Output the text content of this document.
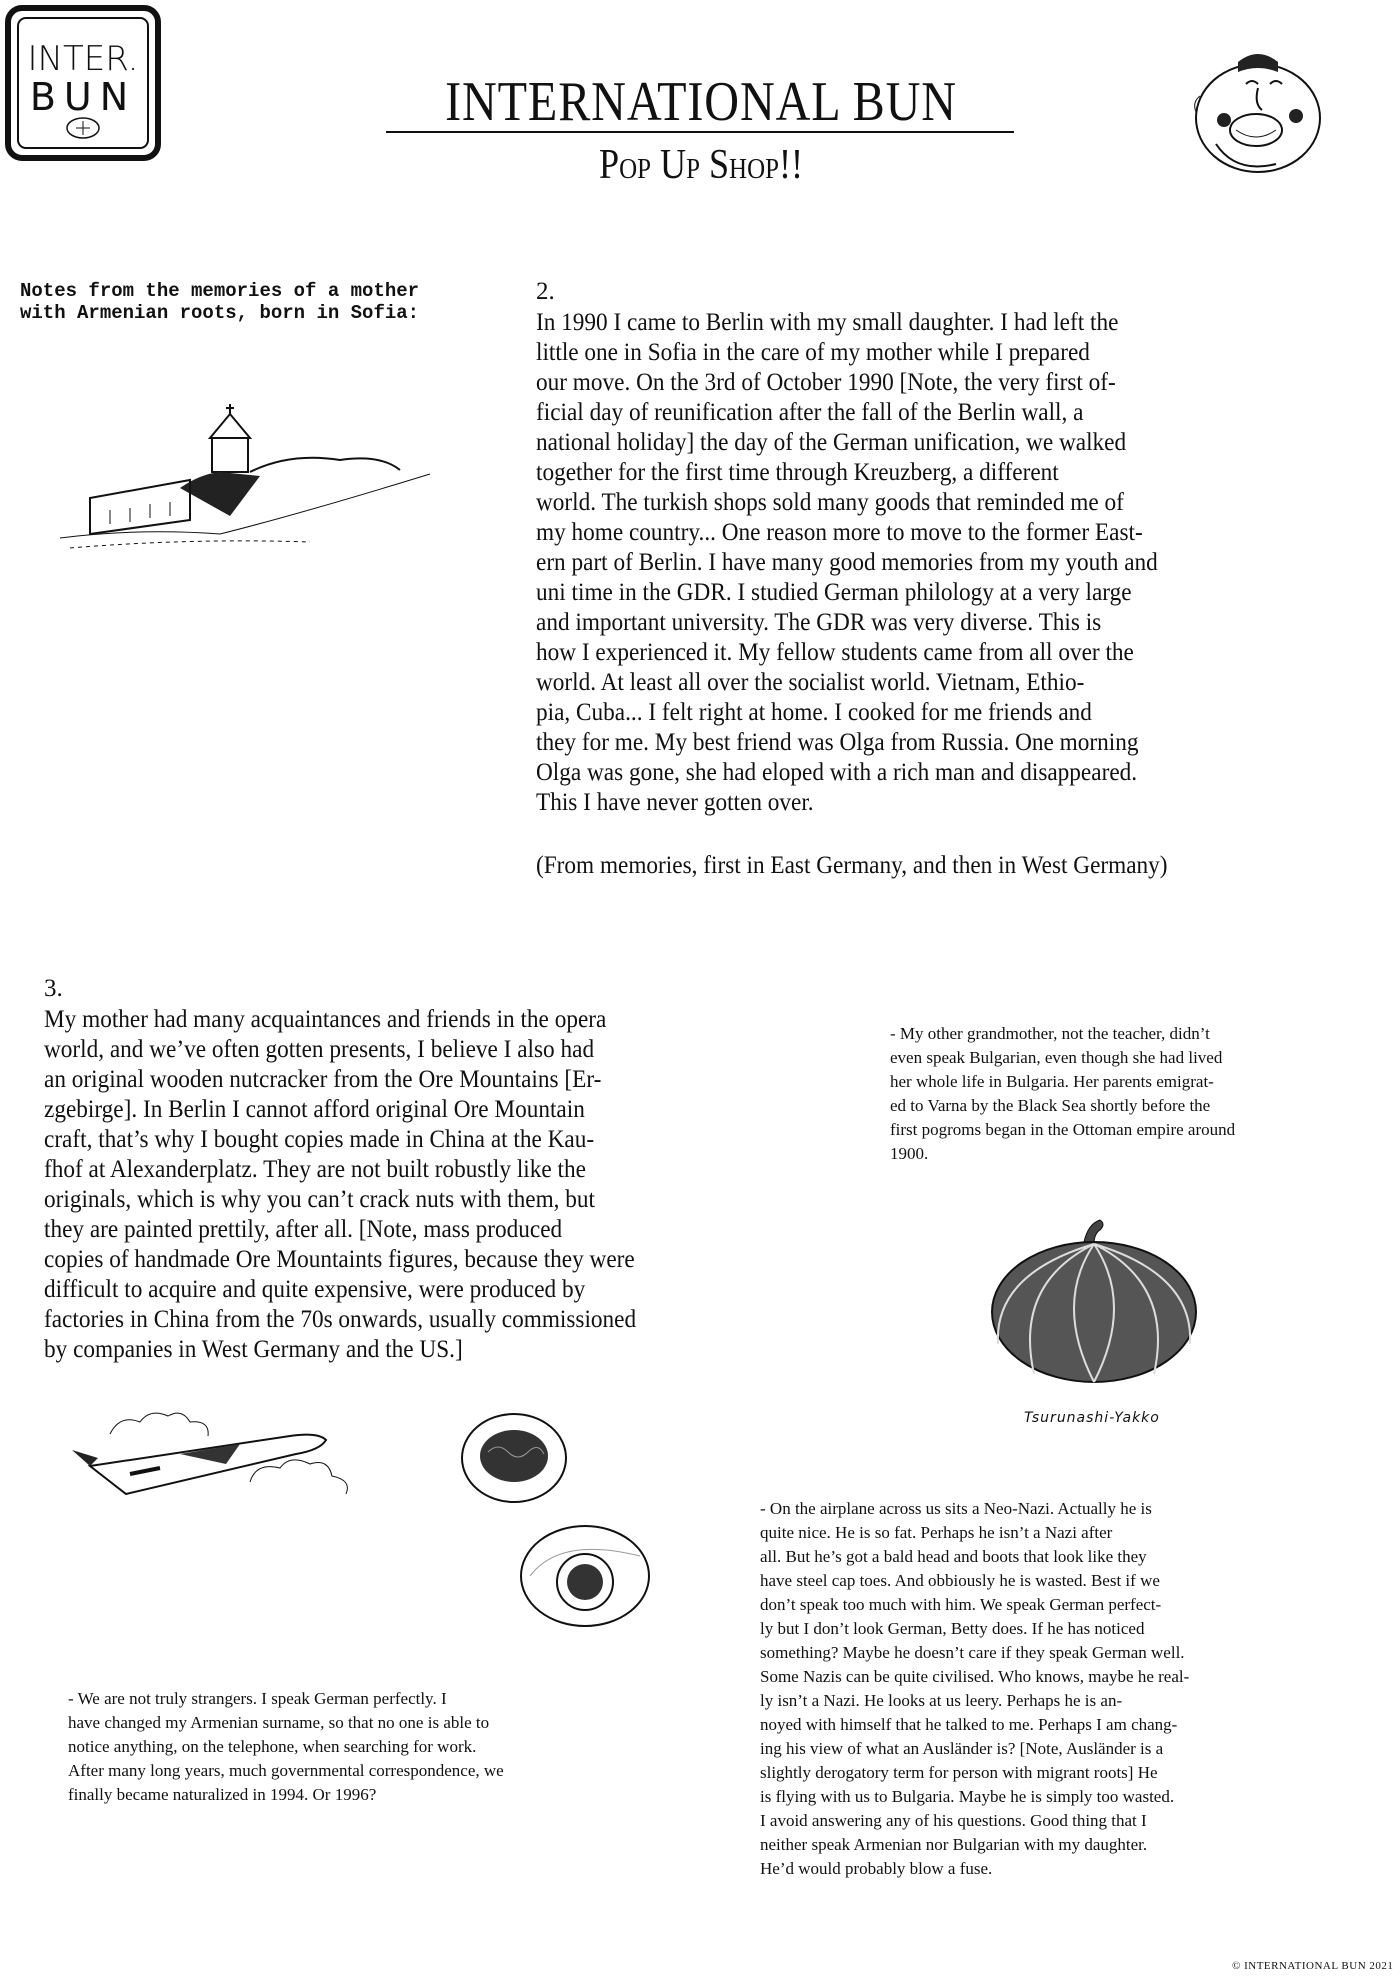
INTER.
BUN	INTERNATIONAL BUN
Pop Up Shop!!
Notes from the memories of a mother with Armenian roots, born in Sofia:
2.
In 1990 I came to Berlin with my small daughter. I had left the
little one in Sofia in the care of my mother while I prepared
our move. On the 3rd of October 1990 [Note, the very first of-
ficial day of reunification after the fall of the Berlin wall, a
national holiday] the day of the German unification, we walked
together for the first time through Kreuzberg, a different
world. The turkish shops sold many goods that reminded me of
my home country... One reason more to move to the former East-
ern part of Berlin. I have many good memories from my youth and
uni time in the GDR. I studied German philology at a very large
and important university. The GDR was very diverse. This is
how I experienced it. My fellow students came from all over the
world. At least all over the socialist world. Vietnam, Ethio-
pia, Cuba... I felt right at home. I cooked for me friends and
they for me. My best friend was Olga from Russia. One morning
Olga was gone, she had eloped with a rich man and disappeared.
This I have never gotten over.
(From memories, first in East Germany, and then in West Germany)
3.
My mother had many acquaintances and friends in the opera
world, and we’ve often gotten presents, I believe I also had
an original wooden nutcracker from the Ore Mountains [Er-
zgebirge]. In Berlin I cannot afford original Ore Mountain
craft, that’s why I bought copies made in China at the Kau-
fhof at Alexanderplatz. They are not built robustly like the
originals, which is why you can’t crack nuts with them, but
they are painted prettily, after all. [Note, mass produced
copies of handmade Ore Mountaints figures, because they were
difficult to acquire and quite expensive, were produced by
factories in China from the 70s onwards, usually commissioned
by companies in West Germany and the US.]
- My other grandmother, not the teacher, didn’t
even speak Bulgarian, even though she had lived
her whole life in Bulgaria. Her parents emigrat-
ed to Varna by the Black Sea shortly before the
first pogroms began in the Ottoman empire around
1900.
Tsurunashi-Yakko
- On the airplane across us sits a Neo-Nazi. Actually he is
quite nice. He is so fat. Perhaps he isn’t a Nazi after
all. But he’s got a bald head and boots that look like they
have steel cap toes. And obbiously he is wasted. Best if we
don’t speak too much with him. We speak German perfect-
ly but I don’t look German, Betty does. If he has noticed
something? Maybe he doesn’t care if they speak German well.
Some Nazis can be quite civilised. Who knows, maybe he real-
ly isn’t a Nazi. He looks at us leery. Perhaps he is an-
noyed with himself that he talked to me. Perhaps I am chang-
ing his view of what an Ausländer is? [Note, Ausländer is a
slightly derogatory term for person with migrant roots] He
is flying with us to Bulgaria. Maybe he is simply too wasted.
I avoid answering any of his questions. Good thing that I
neither speak Armenian nor Bulgarian with my daughter.
He’d would probably blow a fuse.
- We are not truly strangers. I speak German perfectly. I
have changed my Armenian surname, so that no one is able to
notice anything, on the telephone, when searching for work.
After many long years, much governmental correspondence, we
finally became naturalized in 1994. Or 1996?
© INTERNATIONAL BUN 2021
